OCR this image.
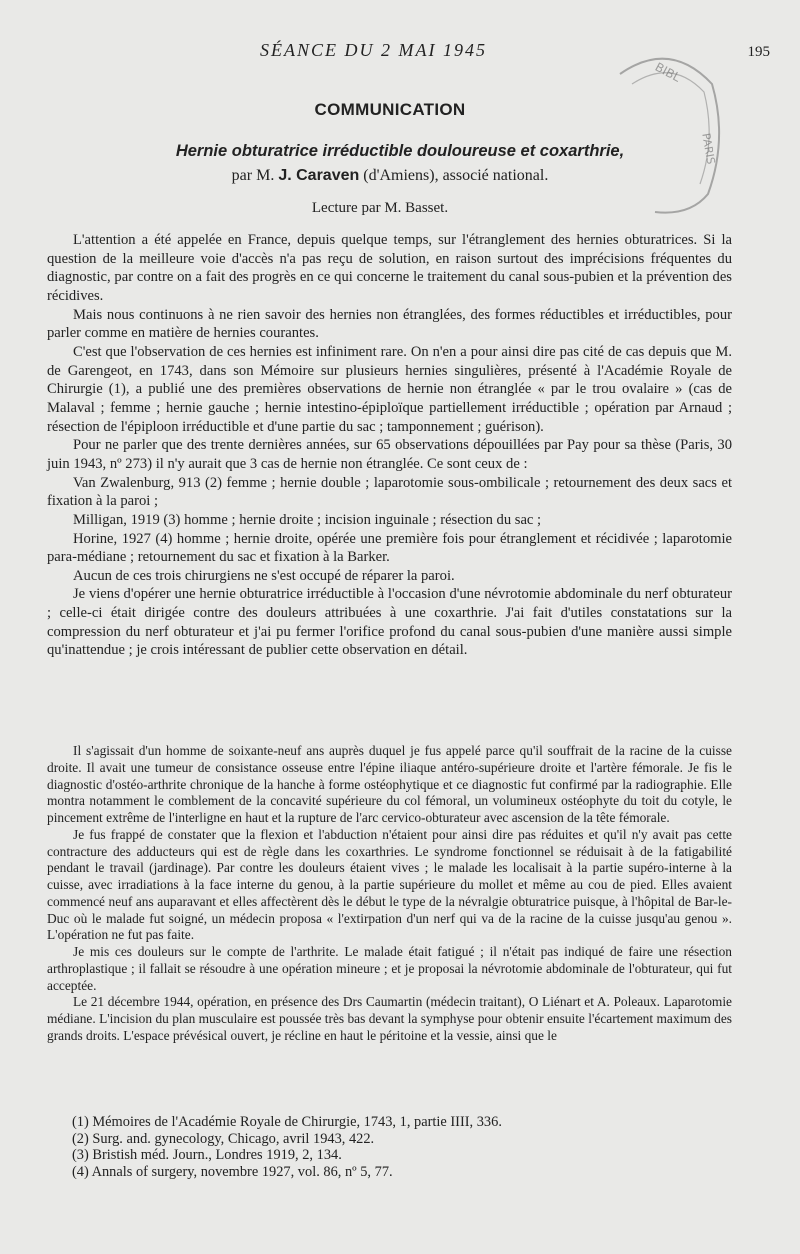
SÉANCE DU 2 MAI 1945	195
BIBL
PARIS
COMMUNICATION
Hernie obturatrice irréductible douloureuse et coxarthrie,
par M. J. Caraven (d'Amiens), associé national.
Lecture par M. Basset.

L'attention a été appelée en France, depuis quelque temps, sur l'étranglement des hernies obturatrices. Si la question de la meilleure voie d'accès n'a pas reçu de solution, en raison surtout des imprécisions fréquentes du diagnostic, par contre on a fait des progrès en ce qui concerne le traitement du canal sous-pubien et la prévention des récidives.

Mais nous continuons à ne rien savoir des hernies non étranglées, des formes réductibles et irréductibles, pour parler comme en matière de hernies courantes.

C'est que l'observation de ces hernies est infiniment rare. On n'en a pour ainsi dire pas cité de cas depuis que M. de Garengeot, en 1743, dans son Mémoire sur plusieurs hernies singulières, présenté à l'Académie Royale de Chirurgie (1), a publié une des premières observations de hernie non étranglée « par le trou ovalaire » (cas de Malaval ; femme ; hernie gauche ; hernie intestino-épiploïque partiellement irréductible ; opération par Arnaud ; résection de l'épiploon irréductible et d'une partie du sac ; tamponnement ; guérison).

Pour ne parler que des trente dernières années, sur 65 observations dépouillées par Pay pour sa thèse (Paris, 30 juin 1943, nº 273) il n'y aurait que 3 cas de hernie non étranglée. Ce sont ceux de :

Van Zwalenburg, 913 (2) femme ; hernie double ; laparotomie sous-ombilicale ; retournement des deux sacs et fixation à la paroi ;

Milligan, 1919 (3) homme ; hernie droite ; incision inguinale ; résection du sac ;

Horine, 1927 (4) homme ; hernie droite, opérée une première fois pour étranglement et récidivée ; laparotomie para-médiane ; retournement du sac et fixation à la Barker.

Aucun de ces trois chirurgiens ne s'est occupé de réparer la paroi.

Je viens d'opérer une hernie obturatrice irréductible à l'occasion d'une névrotomie abdominale du nerf obturateur ; celle-ci était dirigée contre des douleurs attribuées à une coxarthrie. J'ai fait d'utiles constatations sur la compression du nerf obturateur et j'ai pu fermer l'orifice profond du canal sous-pubien d'une manière aussi simple qu'inattendue ; je crois intéressant de publier cette observation en détail.

Il s'agissait d'un homme de soixante-neuf ans auprès duquel je fus appelé parce qu'il souffrait de la racine de la cuisse droite. Il avait une tumeur de consistance osseuse entre l'épine iliaque antéro-supérieure droite et l'artère fémorale. Je fis le diagnostic d'ostéo-arthrite chronique de la hanche à forme ostéophytique et ce diagnostic fut confirmé par la radiographie. Elle montra notamment le comblement de la concavité supérieure du col fémoral, un volumineux ostéophyte du toit du cotyle, le pincement extrême de l'interligne en haut et la rupture de l'arc cervico-obturateur avec ascension de la tête fémorale.

Je fus frappé de constater que la flexion et l'abduction n'étaient pour ainsi dire pas réduites et qu'il n'y avait pas cette contracture des adducteurs qui est de règle dans les coxarthries. Le syndrome fonctionnel se réduisait à de la fatigabilité pendant le travail (jardinage). Par contre les douleurs étaient vives ; le malade les localisait à la partie supéro-interne à la cuisse, avec irradiations à la face interne du genou, à la partie supérieure du mollet et même au cou de pied. Elles avaient commencé neuf ans auparavant et elles affectèrent dès le début le type de la névralgie obturatrice puisque, à l'hôpital de Bar-le-Duc où le malade fut soigné, un médecin proposa « l'extirpation d'un nerf qui va de la racine de la cuisse jusqu'au genou ». L'opération ne fut pas faite.

Je mis ces douleurs sur le compte de l'arthrite. Le malade était fatigué ; il n'était pas indiqué de faire une résection arthroplastique ; il fallait se résoudre à une opération mineure ; et je proposai la névrotomie abdominale de l'obturateur, qui fut acceptée.

Le 21 décembre 1944, opération, en présence des Drs Caumartin (médecin traitant), O Liénart et A. Poleaux. Laparotomie médiane. L'incision du plan musculaire est poussée très bas devant la symphyse pour obtenir ensuite l'écartement maximum des grands droits. L'espace prévésical ouvert, je récline en haut le péritoine et la vessie, ainsi que le

(1) Mémoires de l'Académie Royale de Chirurgie, 1743, 1, partie IIII, 336.
(2) Surg. and. gynecology, Chicago, avril 1943, 422.
(3) Bristish méd. Journ., Londres 1919, 2, 134.
(4) Annals of surgery, novembre 1927, vol. 86, nº 5, 77.
